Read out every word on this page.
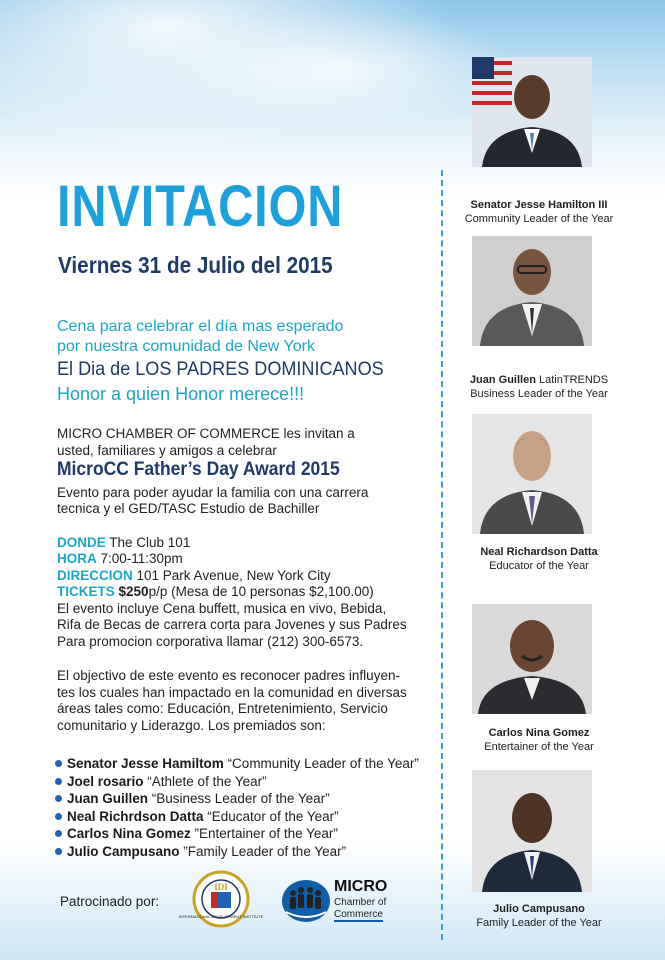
INVITACION
Viernes 31 de Julio del 2015
Cena para celebrar el día mas esperado
por nuestra comunidad de New York
El Dia de LOS PADRES DOMINICANOS
Honor a quien Honor merece!!!
MICRO CHAMBER OF COMMERCE les invitan a
usted, familiares y amigos a celebrar
MicroCC Father’s Day Award 2015
Evento para poder ayudar la familia con una carrera
tecnica y el GED/TASC Estudio de Bachiller
DONDE The Club 101
HORA 7:00-11:30pm
DIRECCION 101 Park Avenue, New York City
TICKETS $250p/p (Mesa de 10 personas $2,100.00)
El evento incluye Cena buffett, musica en vivo, Bebida,
Rifa de Becas de carrera corta para Jovenes y sus Padres
Para promocion corporativa llamar (212) 300-6573.
El objectivo de este evento es reconocer padres influyen-
tes los cuales han impactado en la comunidad en diversas
áreas tales como: Educación, Entretenimiento, Servicio
comunitario y Liderazgo. Los premiados son:
Senator Jesse Hamiltom “Community Leader of the Year”
Joel rosario “Athlete of the Year”
Juan Guillen “Business Leader of the Year”
Neal Richrdson Datta “Educator of the Year”
Carlos Nina Gomez ”Entertainer of the Year”
Julio Campusano ”Family Leader of the Year”
Patrocinado por:
IDI
INTERNATIONAL DEVELOPMENT INSTITUTE
MICRO
Chamber of
Commerce
Senator Jesse Hamilton III
Community Leader of the Year
Juan Guillen LatinTRENDS
Business Leader of the Year
Neal Richardson Datta
Educator of the Year
Carlos Nina Gomez
Entertainer of the Year
Julio Campusano
Family Leader of the Year
